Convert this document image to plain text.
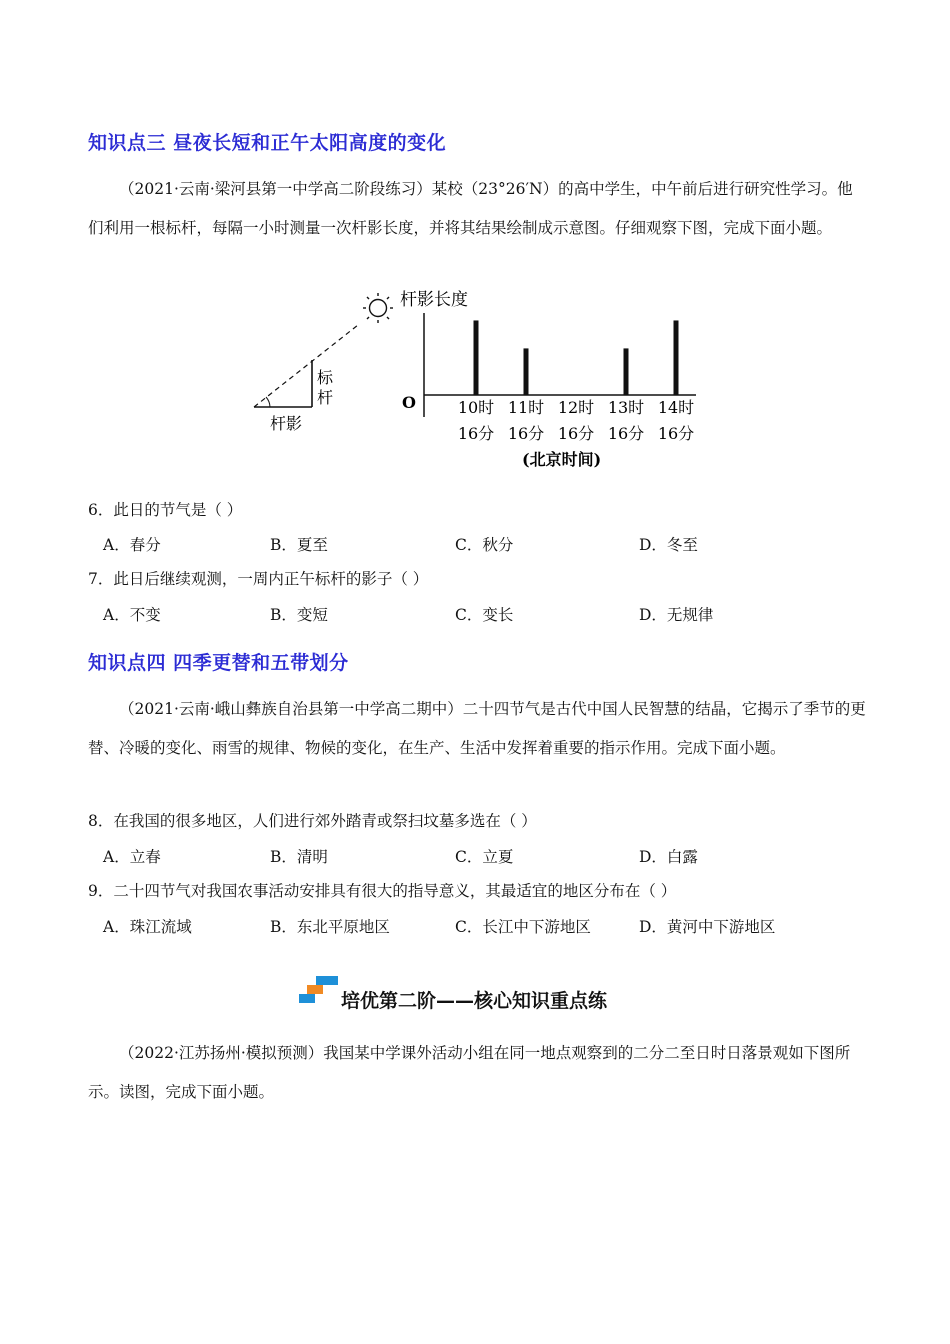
知识点三 昼夜长短和正午太阳高度的变化
（2021·云南·梁河县第一中学高二阶段练习）某校（23°26′N）的高中学生，中午前后进行研究性学习。他们利用一根标杆，每隔一小时测量一次杆影长度，并将其结果绘制成示意图。仔细观察下图，完成下面小题。
标
杆
杆影
杆影长度
O	10时
16分
11时
16分
12时
16分
13时
16分
14时
16分
(北京时间)
6．此日的节气是（ ）
A．春分	B．夏至	C．秋分	D．冬至
7．此日后继续观测，一周内正午标杆的影子（ ）
A．不变	B．变短	C．变长	D．无规律
知识点四 四季更替和五带划分
（2021·云南·峨山彝族自治县第一中学高二期中）二十四节气是古代中国人民智慧的结晶，它揭示了季节的更替、冷暖的变化、雨雪的规律、物候的变化，在生产、生活中发挥着重要的指示作用。完成下面小题。
8．在我国的很多地区，人们进行郊外踏青或祭扫坟墓多选在（ ）
A．立春	B．清明	C．立夏	D．白露
9．二十四节气对我国农事活动安排具有很大的指导意义，其最适宜的地区分布在（ ）
A．珠江流域	B．东北平原地区	C．长江中下游地区	D．黄河中下游地区
培优第二阶——核心知识重点练
（2022·江苏扬州·模拟预测）我国某中学课外活动小组在同一地点观察到的二分二至日时日落景观如下图所示。读图，完成下面小题。
